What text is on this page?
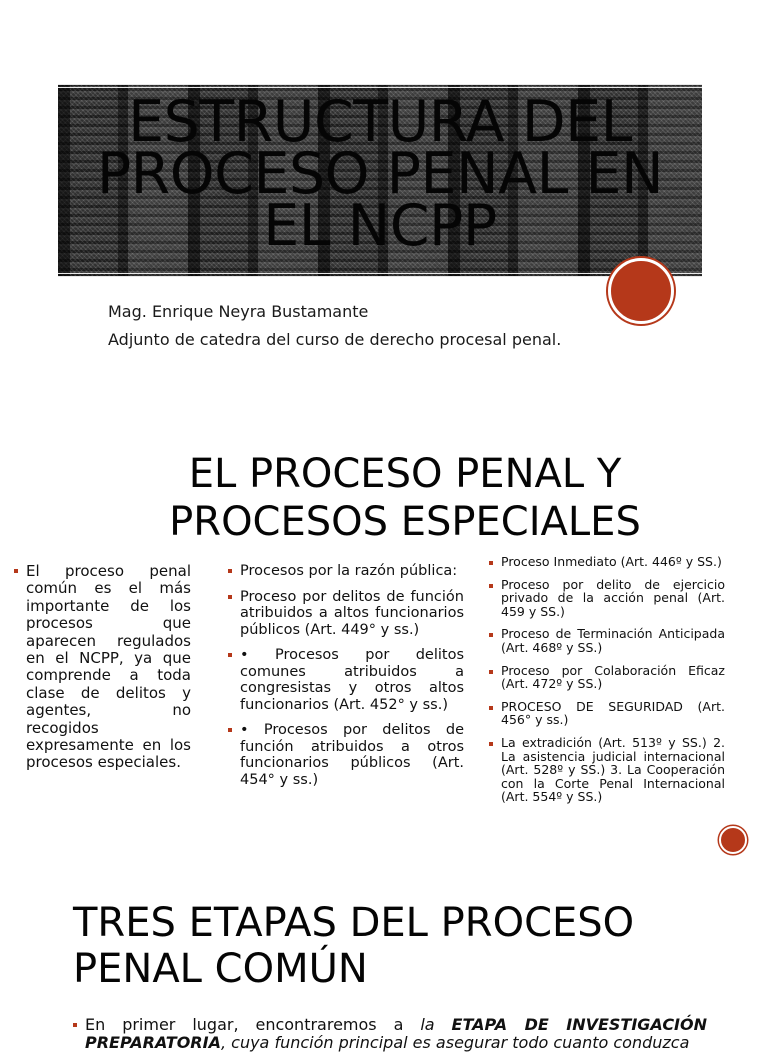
ESTRUCTURA DEL PROCESO PENAL EN EL NCPP
Mag. Enrique Neyra Bustamante
Adjunto de catedra del curso de derecho procesal penal.
EL PROCESO PENAL Y PROCESOS ESPECIALES
El proceso penal común es el más importante de los procesos que aparecen regulados en el NCPP, ya que comprende a toda clase de delitos y agentes, no recogidos expresamente en los procesos especiales.
Procesos por la razón pública:
Proceso por delitos de función atribuidos a altos funcionarios públicos (Art. 449° y ss.)
• Procesos por delitos comunes atribuidos a congresistas y otros altos funcionarios (Art. 452° y ss.)
• Procesos por delitos de función atribuidos a otros funcionarios públicos (Art. 454° y ss.)
Proceso Inmediato (Art. 446º y SS.)
Proceso por delito de ejercicio privado de la acción penal (Art. 459 y SS.)
Proceso de Terminación Anticipada (Art. 468º y SS.)
Proceso por Colaboración Eficaz (Art. 472º y SS.)
PROCESO DE SEGURIDAD (Art. 456° y ss.)
La extradición (Art. 513º y SS.) 2. La asistencia judicial internacional (Art. 528º y SS.) 3. La Cooperación con la Corte Penal Internacional (Art. 554º y SS.)
TRES ETAPAS DEL PROCESO PENAL COMÚN

En primer lugar, encontraremos a la ETAPA DE INVESTIGACIÓN PREPARATORIA, cuya función principal es asegurar todo cuanto conduzca
